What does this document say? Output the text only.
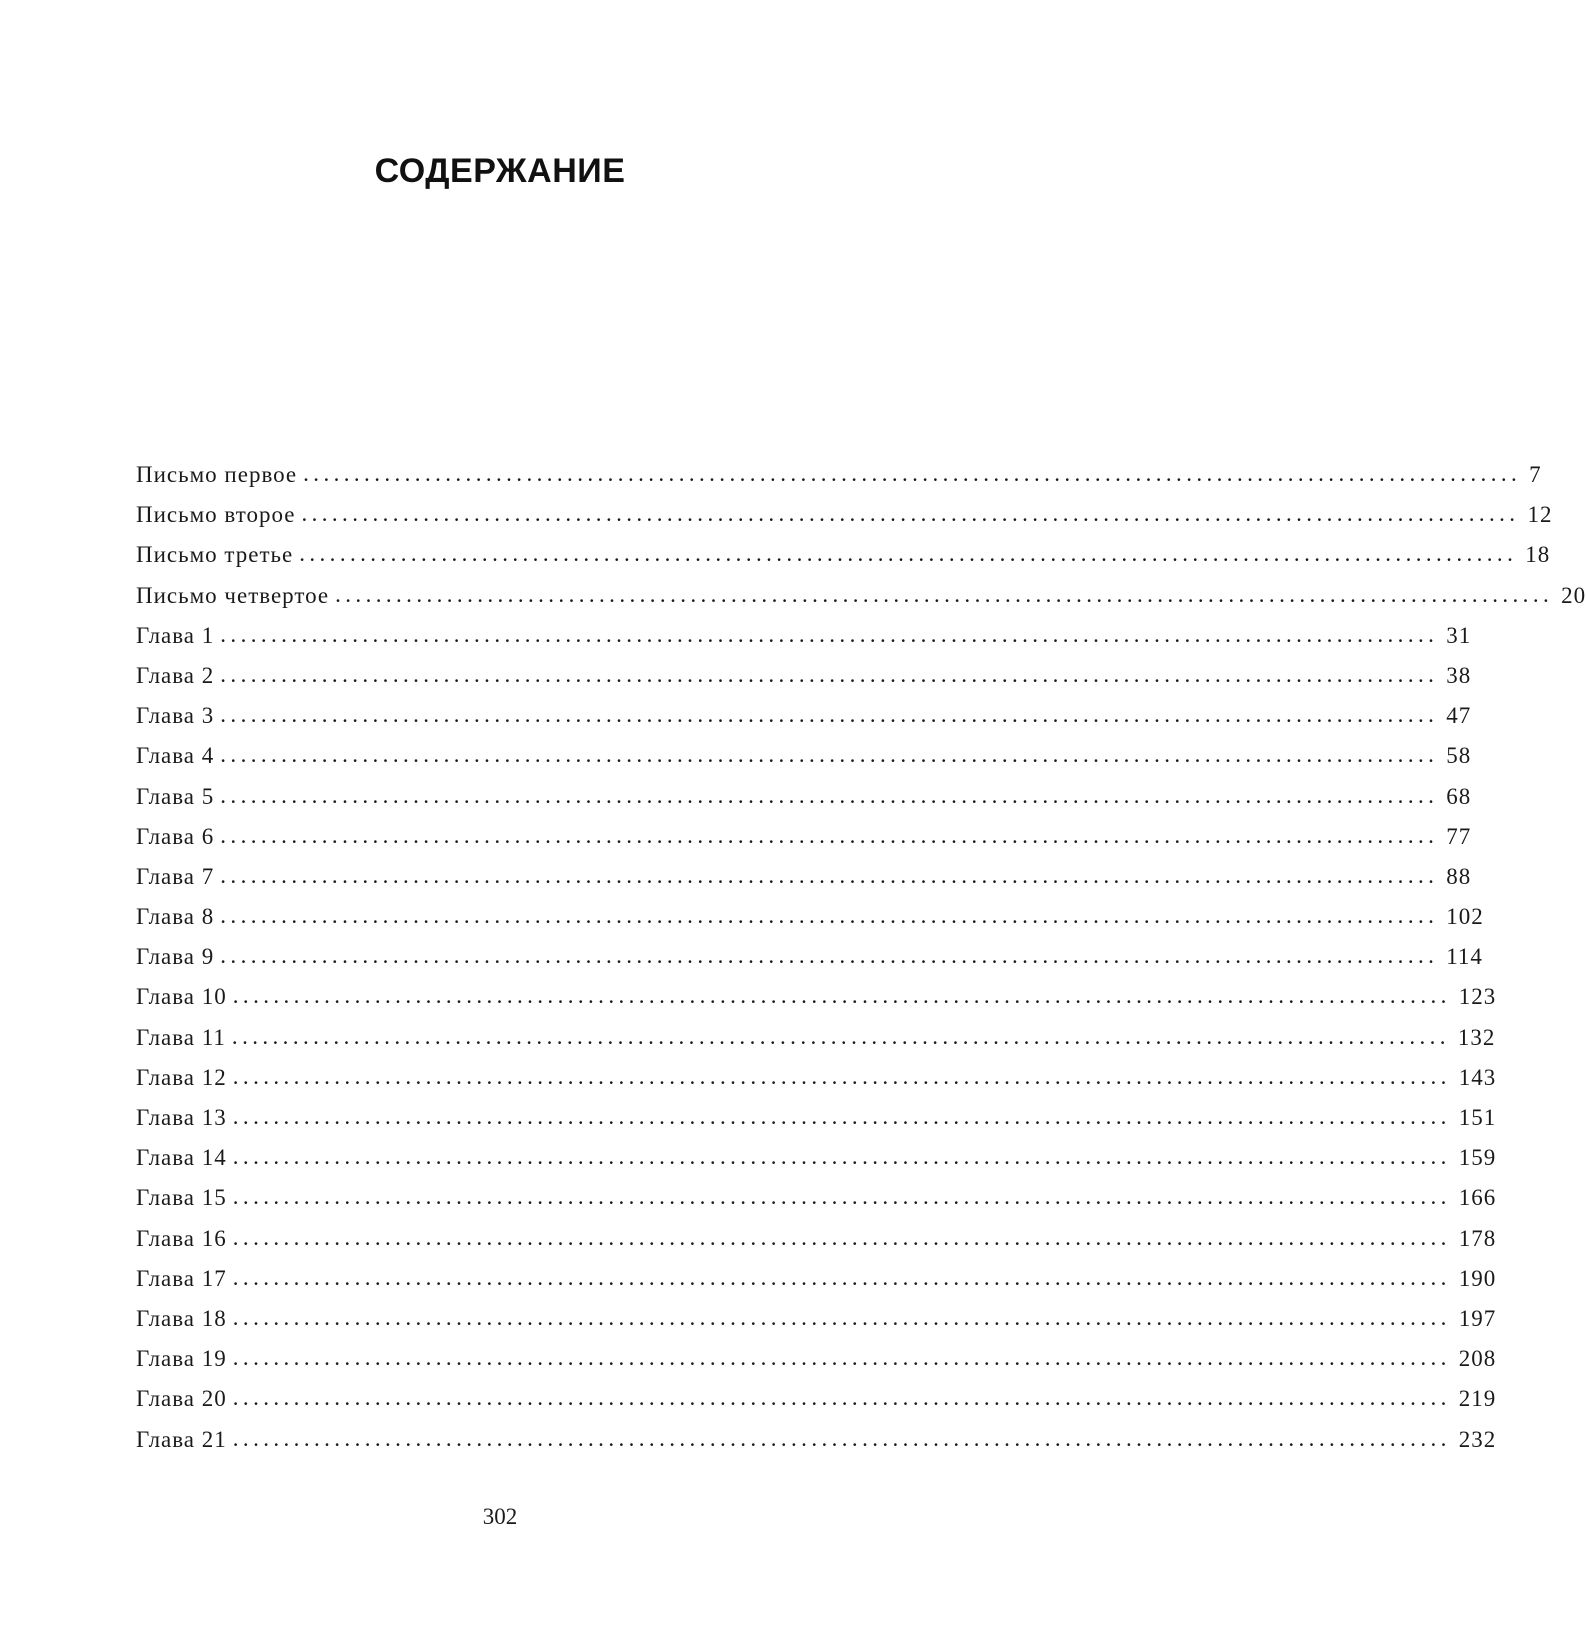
СОДЕРЖАНИЕ
Письмо первое ........................................................................................................................ 7
Письмо второе ........................................................................................................................ 12
Письмо третье ........................................................................................................................ 18
Письмо четвертое ........................................................................................................................ 20
Глава 1 ........................................................................................................................ 31
Глава 2 ........................................................................................................................ 38
Глава 3 ........................................................................................................................ 47
Глава 4 ........................................................................................................................ 58
Глава 5 ........................................................................................................................ 68
Глава 6 ........................................................................................................................ 77
Глава 7 ........................................................................................................................ 88
Глава 8 ........................................................................................................................ 102
Глава 9 ........................................................................................................................ 114
Глава 10 ........................................................................................................................ 123
Глава 11 ........................................................................................................................ 132
Глава 12 ........................................................................................................................ 143
Глава 13 ........................................................................................................................ 151
Глава 14 ........................................................................................................................ 159
Глава 15 ........................................................................................................................ 166
Глава 16 ........................................................................................................................ 178
Глава 17 ........................................................................................................................ 190
Глава 18 ........................................................................................................................ 197
Глава 19 ........................................................................................................................ 208
Глава 20 ........................................................................................................................ 219
Глава 21 ........................................................................................................................ 232

302
